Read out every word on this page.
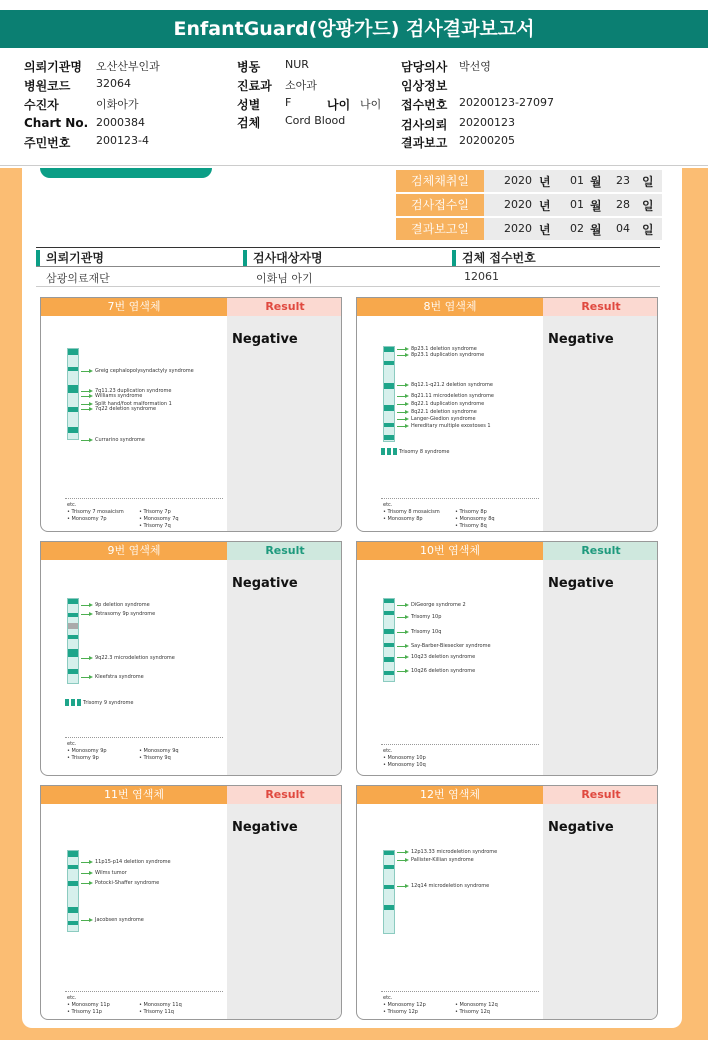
EnfantGuard(앙팡가드) 검사결과보고서
의뢰기관명 오산산부인과
병원코드 32064
수진자	이화아가
Chart No. 2000384
주민번호 200123-4
병동 NUR
진료과 소아과
성별 F	나이 나이
검체 Cord Blood
담당의사 박선영
임상정보
접수번호 20200123-27097
검사의뢰 20200123
결과보고 20200205
검체채취일	2020 년 01 월 23 일
검사접수일	2020 년 01 월 28 일
결과보고일	2020 년 02 월 04 일
의뢰기관명	검사대상자명	검체 접수번호
삼광의료재단	이화님 아기	12061
7번 염색체	Result
Negative
Greig cephalopolysyndactyly syndrome
7q11.23 duplication syndrome
Williams syndrome
Split hand/foot malformation 1
7q22 deletion syndrome
Currarino syndrome
etc.
• Trisomy 7 mosaicism	• Trisomy 7p
• Monosomy 7p	• Monosomy 7q
• Trisomy 7q
8번 염색체	Result
Negative
8p23.1 deletion syndrome
8p23.1 duplication syndrome
8q12.1-q21.2 deletion syndrome
8q21.11 microdeletion syndrome
8q22.1 duplication syndrome
8q22.1 deletion syndrome
Langer-Giedion syndrome
Hereditary multiple exostoses 1
Trisomy 8 syndrome
etc.
• Trisomy 8 mosaicism	• Trisomy 8p
• Monosomy 8p	• Monosomy 8q
• Trisomy 8q
9번 염색체	Result
Negative
9p deletion syndrome
Tetrasomy 9p syndrome
9q22.3 microdeletion syndrome
Kleefstra syndrome
Trisomy 9 syndrome
etc.
• Monosomy 9p	• Monosomy 9q
• Trisomy 9p	• Trisomy 9q
10번 염색체	Result
Negative
DiGeorge syndrome 2
Trisomy 10p
Trisomy 10q
Say-Barber-Biesecker syndrome
10q23 deletion syndrome
10q26 deletion syndrome
etc.
• Monosomy 10p
• Monosomy 10q
11번 염색체	Result
Negative
11p15-p14 deletion syndrome
Wilms tumor
Potocki-Shaffer syndrome
Jacobsen syndrome
etc.
• Monosomy 11p	• Monosomy 11q
• Trisomy 11p	• Trisomy 11q
12번 염색체	Result
Negative
12p13.33 microdeletion syndrome
Pallister-Killian syndrome
12q14 microdeletion syndrome
etc.
• Monosomy 12p	• Monosomy 12q
• Trisomy 12p	• Trisomy 12q
